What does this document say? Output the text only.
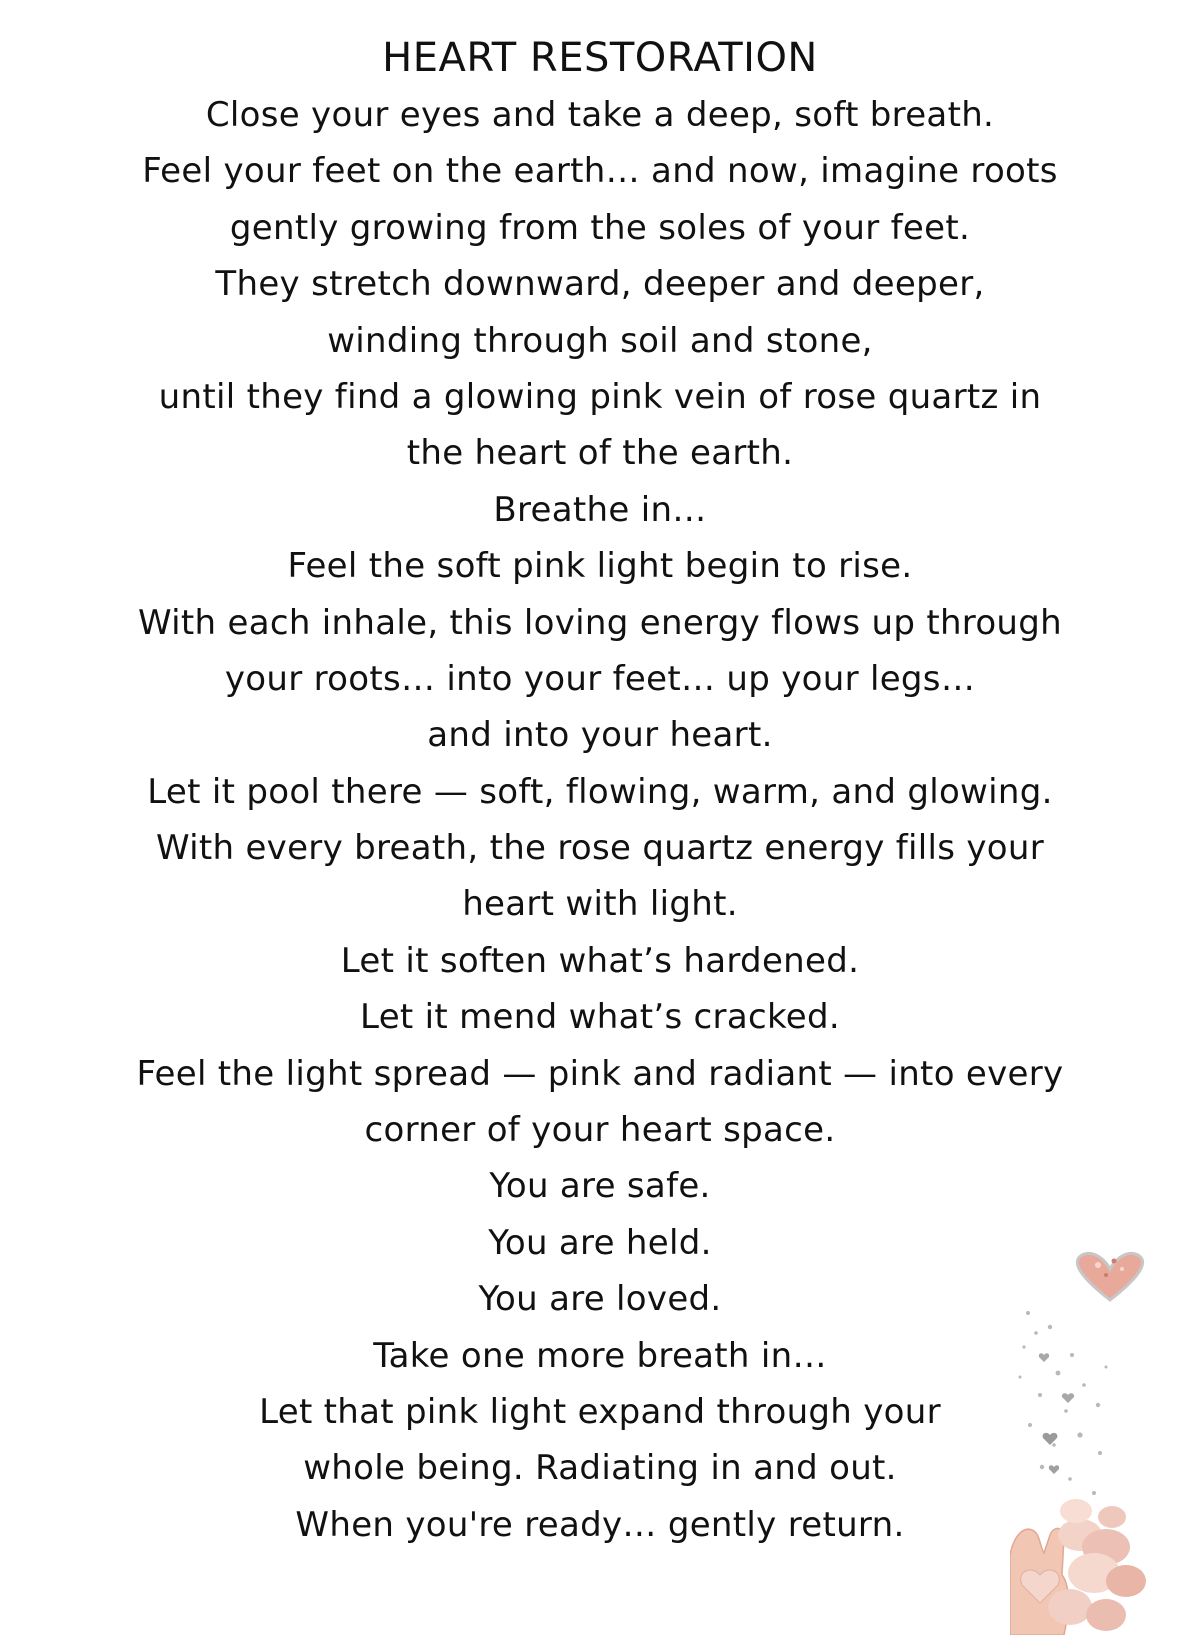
HEART RESTORATION
Close your eyes and take a deep, soft breath.
Feel your feet on the earth… and now, imagine roots
gently growing from the soles of your feet.
They stretch downward, deeper and deeper,
winding through soil and stone,
until they find a glowing pink vein of rose quartz in
the heart of the earth.
Breathe in…
Feel the soft pink light begin to rise.
With each inhale, this loving energy flows up through
your roots… into your feet… up your legs…
and into your heart.
Let it pool there — soft, flowing, warm, and glowing.
With every breath, the rose quartz energy fills your
heart with light.
Let it soften what’s hardened.
Let it mend what’s cracked.
Feel the light spread — pink and radiant — into every
corner of your heart space.
You are safe.
You are held.
You are loved.
Take one more breath in…
Let that pink light expand through your
whole being. Radiating in and out.
When you're ready… gently return.
